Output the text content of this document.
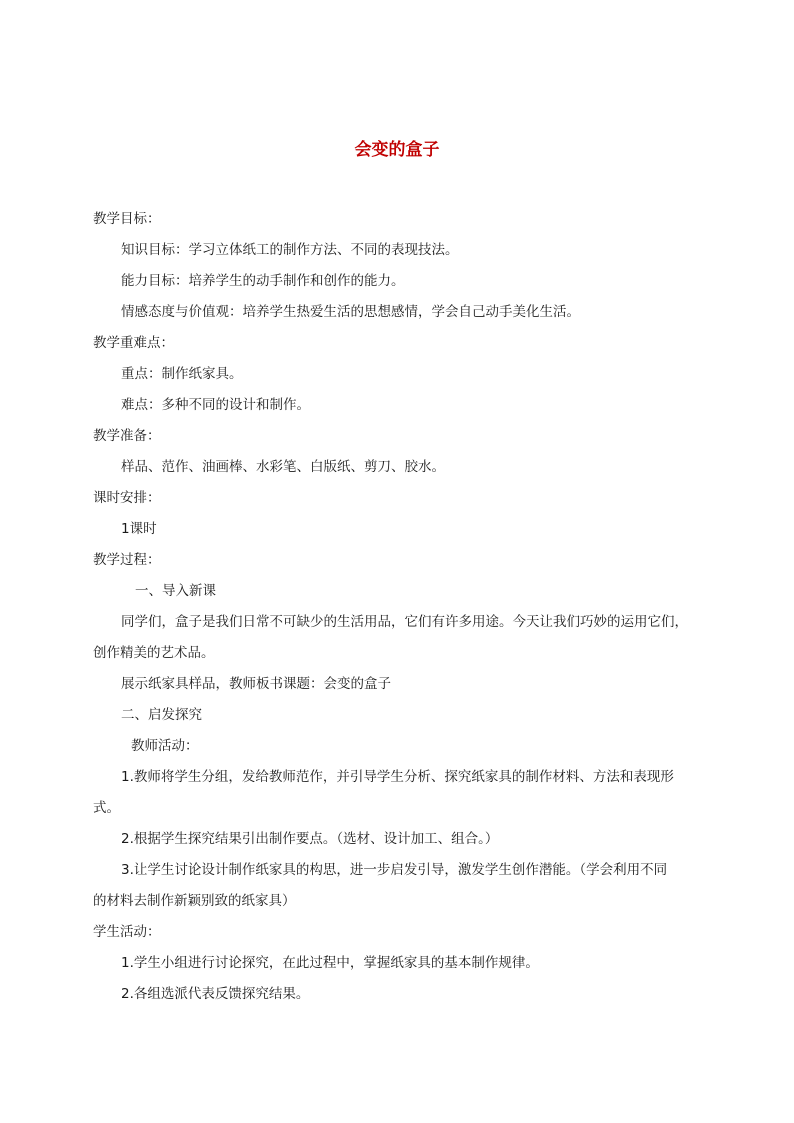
会变的盒子

教学目标：

知识目标：学习立体纸工的制作方法、不同的表现技法。

能力目标：培养学生的动手制作和创作的能力。

情感态度与价值观：培养学生热爱生活的思想感情，学会自己动手美化生活。

教学重难点：

重点：制作纸家具。

难点：多种不同的设计和制作。

教学准备：

样品、范作、油画棒、水彩笔、白版纸、剪刀、胶水。

课时安排：

1课时

教学过程：

一、导入新课

同学们，盒子是我们日常不可缺少的生活用品，它们有许多用途。今天让我们巧妙的运用它们，

创作精美的艺术品。

展示纸家具样品，教师板书课题：会变的盒子

二、启发探究

教师活动：

1.教师将学生分组，发给教师范作，并引导学生分析、探究纸家具的制作材料、方法和表现形

式。

2.根据学生探究结果引出制作要点。（选材、设计加工、组合。）

3.让学生讨论设计制作纸家具的构思，进一步启发引导，激发学生创作潜能。（学会利用不同

的材料去制作新颖别致的纸家具）

学生活动：

1.学生小组进行讨论探究，在此过程中，掌握纸家具的基本制作规律。

2.各组选派代表反馈探究结果。
